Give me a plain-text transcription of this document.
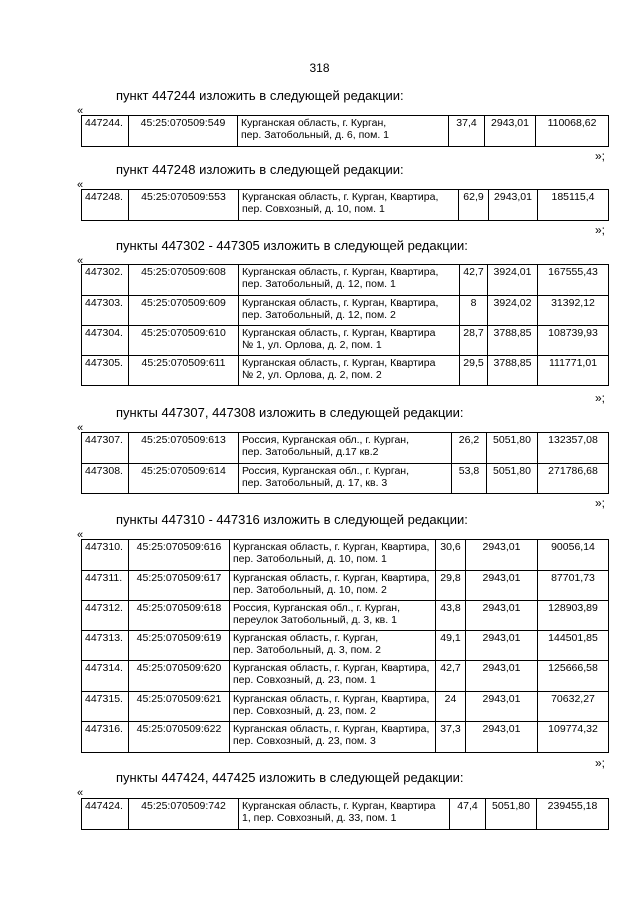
318
пункт 447244 изложить в следующей редакции:
«
447244.	45:25:070509:549	Курганская область, г. Курган,
пер. Затобольный, д. 6, пом. 1
	37,4	2943,01	110068,62
»;
пункт 447248 изложить в следующей редакции:
«
447248.	45:25:070509:553	Курганская область, г. Курган, Квартира,
пер. Совхозный, д. 10, пом. 1
	62,9	2943,01	185115,4
»;
пункты 447302 - 447305 изложить в следующей редакции:
«
447302.	45:25:070509:608	Курганская область, г. Курган, Квартира,
пер. Затобольный, д. 12, пом. 1	42,7	3924,01	167555,43
447303.	45:25:070509:609	Курганская область, г. Курган, Квартира,
пер. Затобольный, д. 12, пом. 2	8	3924,02	31392,12
447304.	45:25:070509:610	Курганская область, г. Курган, Квартира
№ 1, ул. Орлова, д. 2, пом. 1	28,7	3788,85	108739,93
447305.	45:25:070509:611	Курганская область, г. Курган, Квартира
№ 2, ул. Орлова, д. 2, пом. 2	29,5	3788,85	111771,01
»;
пункты 447307, 447308 изложить в следующей редакции:
«
447307.	45:25:070509:613	Россия, Курганская обл., г. Курган,
пер. Затобольный, д.17 кв.2	26,2	5051,80	132357,08
447308.	45:25:070509:614	Россия, Курганская обл., г. Курган,
пер. Затобольный, д. 17, кв. 3	53,8	5051,80	271786,68
»;
пункты 447310 - 447316 изложить в следующей редакции:
«
447310.	45:25:070509:616	Курганская область, г. Курган, Квартира,
пер. Затобольный, д. 10, пом. 1	30,6	2943,01	90056,14
447311.	45:25:070509:617	Курганская область, г. Курган, Квартира,
пер. Затобольный, д. 10, пом. 2	29,8	2943,01	87701,73
447312.	45:25:070509:618	Россия, Курганская обл., г. Курган,
переулок Затобольный, д. 3, кв. 1	43,8	2943,01	128903,89
447313.	45:25:070509:619	Курганская область, г. Курган,
пер. Затобольный, д. 3, пом. 2	49,1	2943,01	144501,85
447314.	45:25:070509:620	Курганская область, г. Курган, Квартира,
пер. Совхозный, д. 23, пом. 1	42,7	2943,01	125666,58
447315.	45:25:070509:621	Курганская область, г. Курган, Квартира,
пер. Совхозный, д. 23, пом. 2	24	2943,01	70632,27
447316.	45:25:070509:622	Курганская область, г. Курган, Квартира,
пер. Совхозный, д. 23, пом. 3	37,3	2943,01	109774,32
»;
пункты 447424, 447425 изложить в следующей редакции:
«
447424.	45:25:070509:742	Курганская область, г. Курган, Квартира
1, пер. Совхозный, д. 33, пом. 1
	47,4	5051,80	239455,18
